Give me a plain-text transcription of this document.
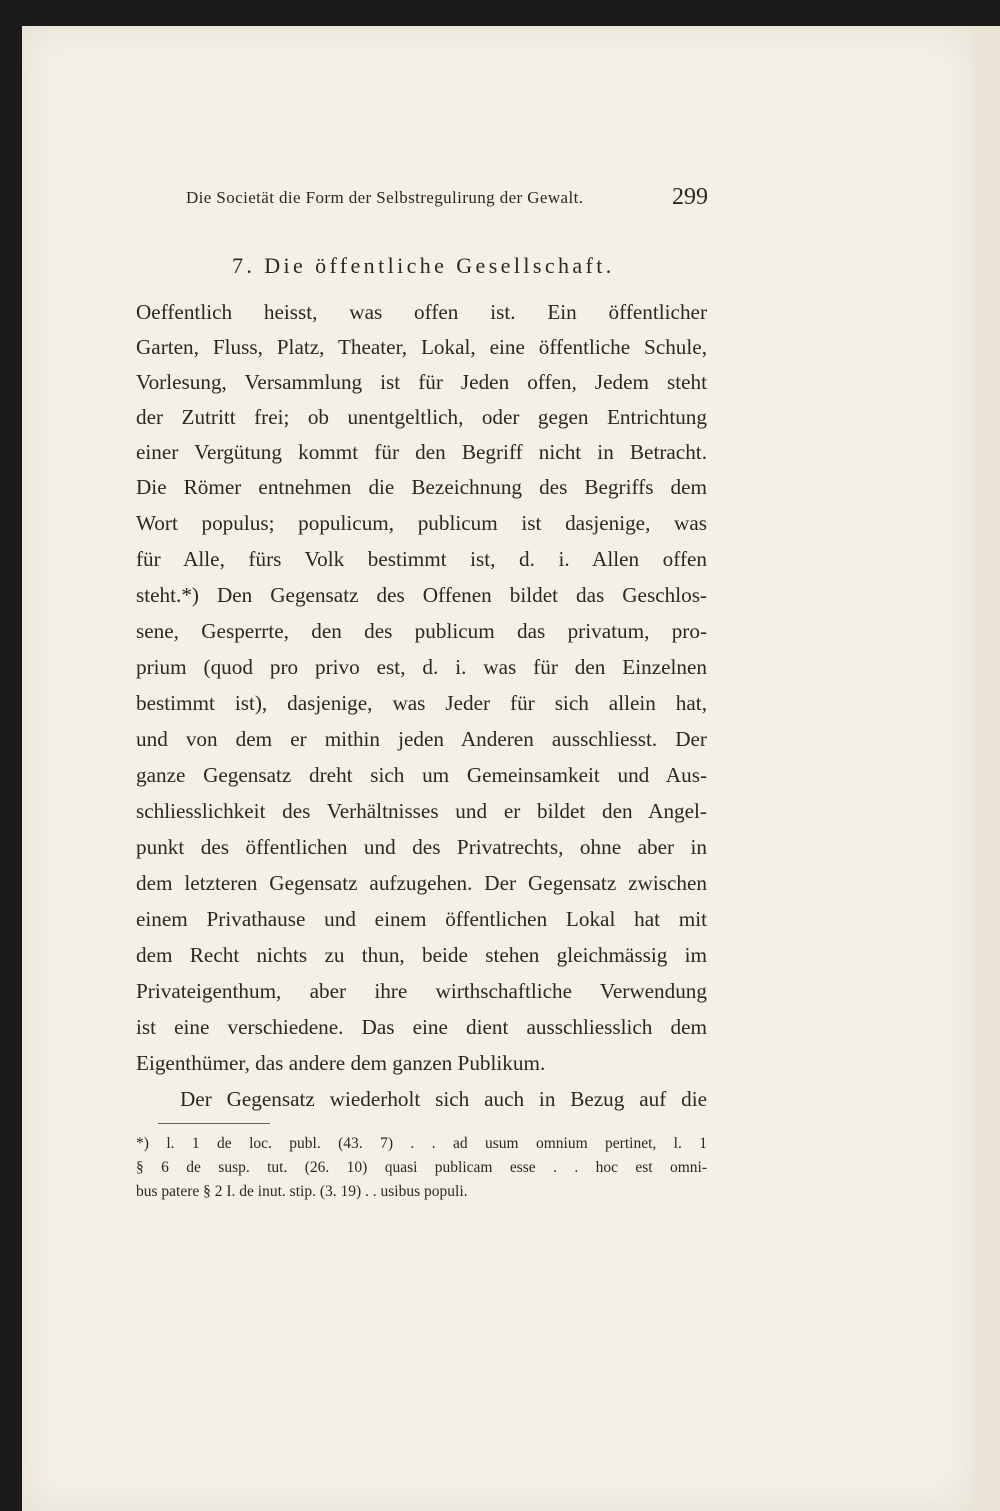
Die Societät die Form der Selbstregulirung der Gewalt.	299
7. Die öffentliche Gesellschaft.
Oeffentlich heisst, was offen ist. Ein öffentlicher
Garten, Fluss, Platz, Theater, Lokal, eine öffentliche Schule,
Vorlesung, Versammlung ist für Jeden offen, Jedem steht
der Zutritt frei; ob unentgeltlich, oder gegen Entrichtung
einer Vergütung kommt für den Begriff nicht in Betracht.
Die Römer entnehmen die Bezeichnung des Begriffs dem
Wort populus; populicum, publicum ist dasjenige, was
für Alle, fürs Volk bestimmt ist, d. i. Allen offen
steht.*) Den Gegensatz des Offenen bildet das Geschlos-
sene, Gesperrte, den des publicum das privatum, pro-
prium (quod pro privo est, d. i. was für den Einzelnen
bestimmt ist), dasjenige, was Jeder für sich allein hat,
und von dem er mithin jeden Anderen ausschliesst. Der
ganze Gegensatz dreht sich um Gemeinsamkeit und Aus-
schliesslichkeit des Verhältnisses und er bildet den Angel-
punkt des öffentlichen und des Privatrechts, ohne aber in
dem letzteren Gegensatz aufzugehen. Der Gegensatz zwischen
einem Privathause und einem öffentlichen Lokal hat mit
dem Recht nichts zu thun, beide stehen gleichmässig im
Privateigenthum, aber ihre wirthschaftliche Verwendung
ist eine verschiedene. Das eine dient ausschliesslich dem
Eigenthümer, das andere dem ganzen Publikum.
Der Gegensatz wiederholt sich auch in Bezug auf die
*) l. 1 de loc. publ. (43. 7) . . ad usum omnium pertinet, l. 1
§ 6 de susp. tut. (26. 10) quasi publicam esse . . hoc est omni-
bus patere § 2 I. de inut. stip. (3. 19) . . usibus populi.
